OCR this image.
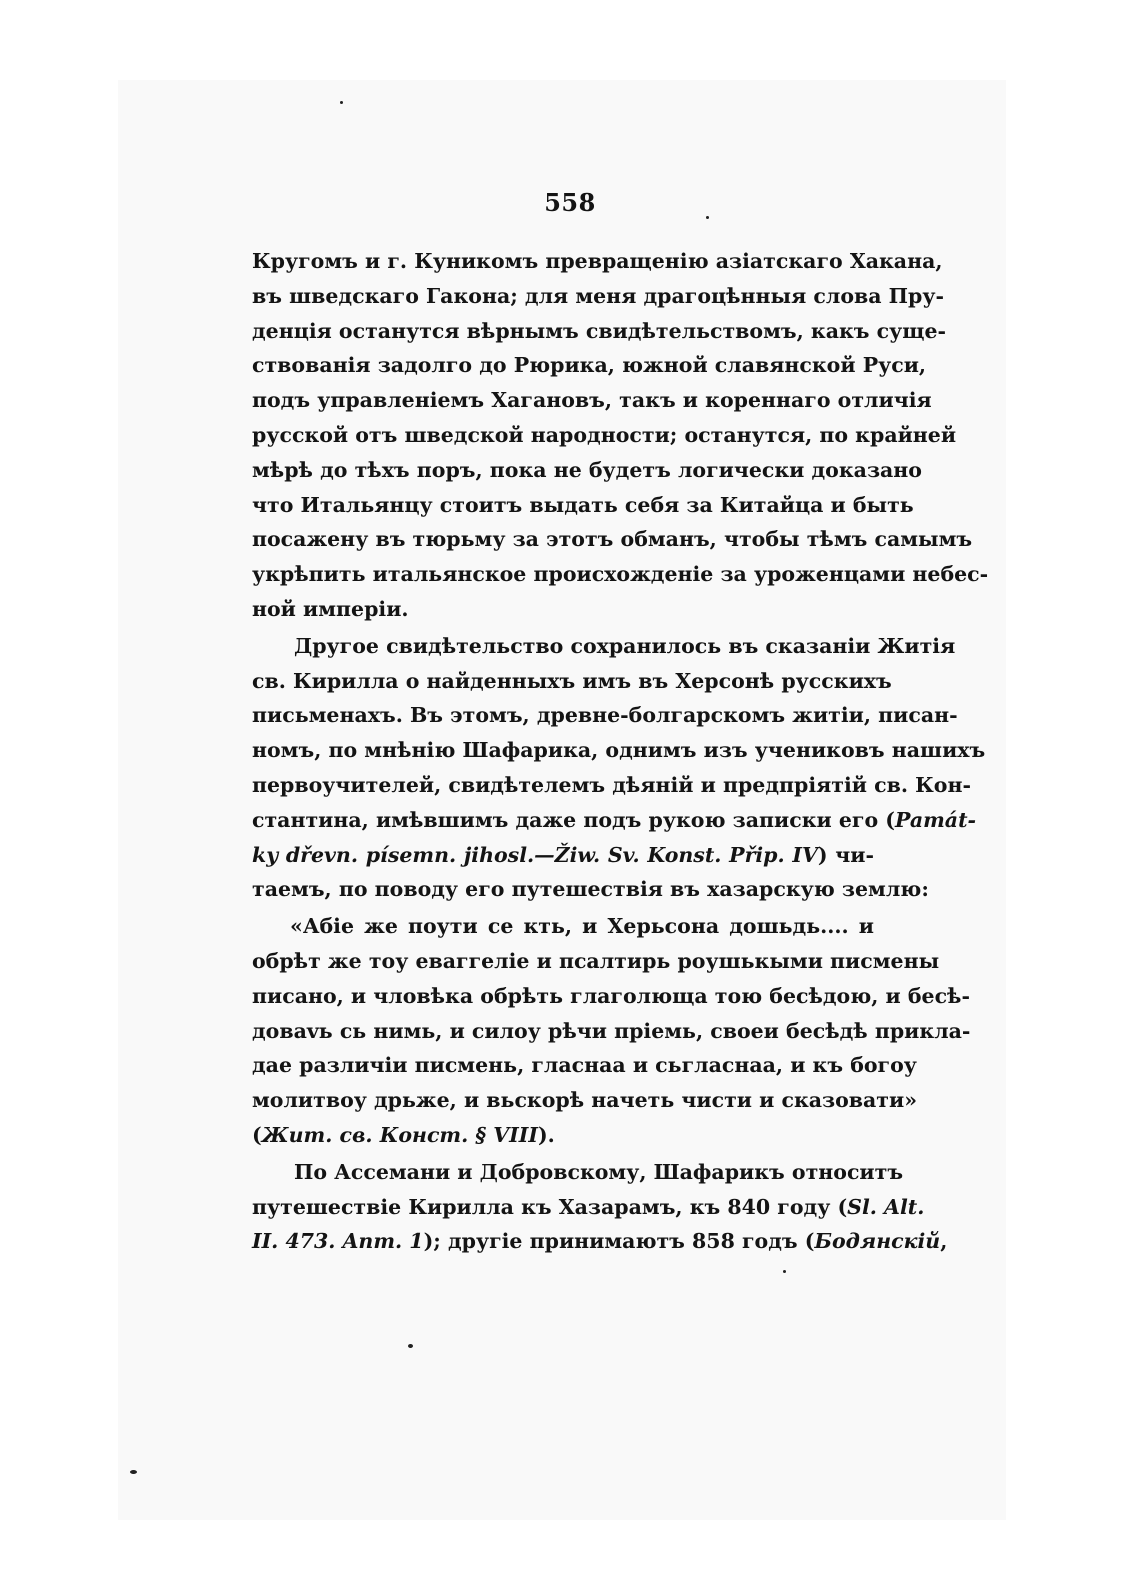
558
Кругомъ и г. Куникомъ превращенію азіатскаго Хакана,
въ шведскаго Гакона; для меня драгоцѣнныя слова Пру-
денція останутся вѣрнымъ свидѣтельствомъ, какъ суще-
ствованія задолго до Рюрика, южной славянской Руси,
подъ управленіемъ Хагановъ, такъ и кореннаго отличія
русской отъ шведской народности; останутся, по крайней
мѣрѣ до тѣхъ поръ, пока не будетъ логически доказано
что Итальянцу стоитъ выдать себя за Китайца и быть
посажену въ тюрьму за этотъ обманъ, чтобы тѣмъ самымъ
укрѣпить итальянское происхожденіе за уроженцами небес-
ной имперіи.
Другое свидѣтельство сохранилось въ сказаніи Житія
св. Кирилла о найденныхъ имъ въ Херсонѣ русскихъ
письменахъ. Въ этомъ, древне-болгарскомъ житіи, писан-
номъ, по мнѣнію Шафарика, однимъ изъ учениковъ нашихъ
первоучителей, свидѣтелемъ дѣяній и предпріятій св. Кон-
стантина, имѣвшимъ даже подъ рукою записки его (Památ-
ky dřevn. písemn. jihosl.—Žiw. Sv. Konst. Přip. IV) чи-
таемъ, по поводу его путешествія въ хазарскую землю:
«Абіе же поути се кть, и Херьсона дошьдь.... и
обрѣт же тоу еваггеліе и псалтирь роушькыми писмены
писано, и чловѣка обрѣть глаголюща тою бесѣдою, и бесѣ-
доваvь сь нимь, и силоу рѣчи пріемь, своеи бесѣдѣ прикла-
дае различіи писмень, гласнаа и сьгласнаа, и къ богоу
молитвоу дрьже, и вьскорѣ начеть чисти и сказовати»
(Жит. св. Конст. § VIII).
По Ассемани и Добровскому, Шафарикъ относитъ
путешествіе Кирилла къ Хазарамъ, къ 840 году (Sl. Alt.
II. 473. Anm. 1); другіе принимаютъ 858 годъ (Бодянскій,
